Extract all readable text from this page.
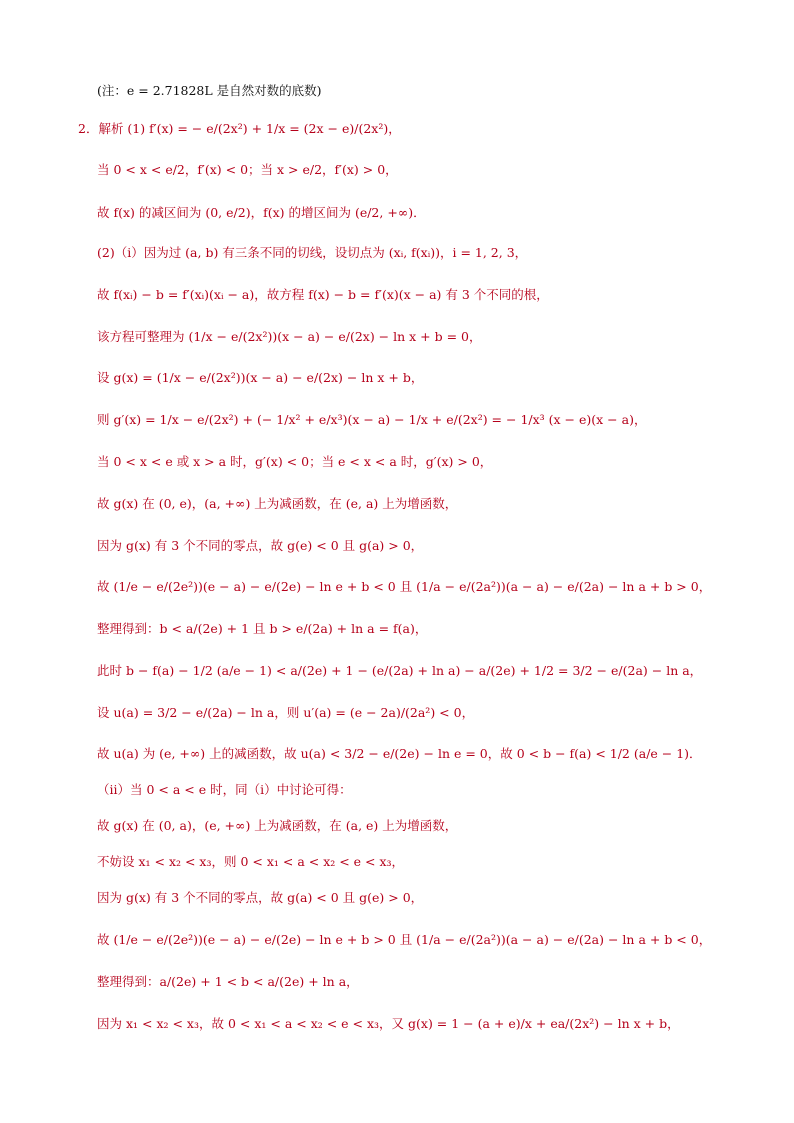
(注：e = 2.71828L 是自然对数的底数)
2．解析 (1) f′(x) = − e/(2x²) + 1/x = (2x − e)/(2x²)，
当 0 < x < e/2，f′(x) < 0；当 x > e/2，f′(x) > 0，
故 f(x) 的减区间为 (0, e/2)，f(x) 的增区间为 (e/2, +∞)．
(2)（ⅰ）因为过 (a, b) 有三条不同的切线，设切点为 (xᵢ, f(xᵢ))，i = 1, 2, 3，
故 f(xᵢ) − b = f′(xᵢ)(xᵢ − a)，故方程 f(x) − b = f′(x)(x − a) 有 3 个不同的根，
该方程可整理为 (1/x − e/(2x²))(x − a) − e/(2x) − ln x + b = 0，
设 g(x) = (1/x − e/(2x²))(x − a) − e/(2x) − ln x + b，
则 g′(x) = 1/x − e/(2x²) + (− 1/x² + e/x³)(x − a) − 1/x + e/(2x²) = − 1/x³ (x − e)(x − a)，
当 0 < x < e 或 x > a 时，g′(x) < 0；当 e < x < a 时，g′(x) > 0，
故 g(x) 在 (0, e)，(a, +∞) 上为减函数，在 (e, a) 上为增函数，
因为 g(x) 有 3 个不同的零点，故 g(e) < 0 且 g(a) > 0，
故 (1/e − e/(2e²))(e − a) − e/(2e) − ln e + b < 0 且 (1/a − e/(2a²))(a − a) − e/(2a) − ln a + b > 0，
整理得到：b < a/(2e) + 1 且 b > e/(2a) + ln a = f(a)，
此时 b − f(a) − 1/2 (a/e − 1) < a/(2e) + 1 − (e/(2a) + ln a) − a/(2e) + 1/2 = 3/2 − e/(2a) − ln a，
设 u(a) = 3/2 − e/(2a) − ln a，则 u′(a) = (e − 2a)/(2a²) < 0，
故 u(a) 为 (e, +∞) 上的减函数，故 u(a) < 3/2 − e/(2e) − ln e = 0，故 0 < b − f(a) < 1/2 (a/e − 1)．
（ⅱ）当 0 < a < e 时，同（ⅰ）中讨论可得：
故 g(x) 在 (0, a)，(e, +∞) 上为减函数，在 (a, e) 上为增函数，
不妨设 x₁ < x₂ < x₃，则 0 < x₁ < a < x₂ < e < x₃，
因为 g(x) 有 3 个不同的零点，故 g(a) < 0 且 g(e) > 0，
故 (1/e − e/(2e²))(e − a) − e/(2e) − ln e + b > 0 且 (1/a − e/(2a²))(a − a) − e/(2a) − ln a + b < 0，
整理得到：a/(2e) + 1 < b < a/(2e) + ln a，
因为 x₁ < x₂ < x₃，故 0 < x₁ < a < x₂ < e < x₃，又 g(x) = 1 − (a + e)/x + ea/(2x²) − ln x + b，
